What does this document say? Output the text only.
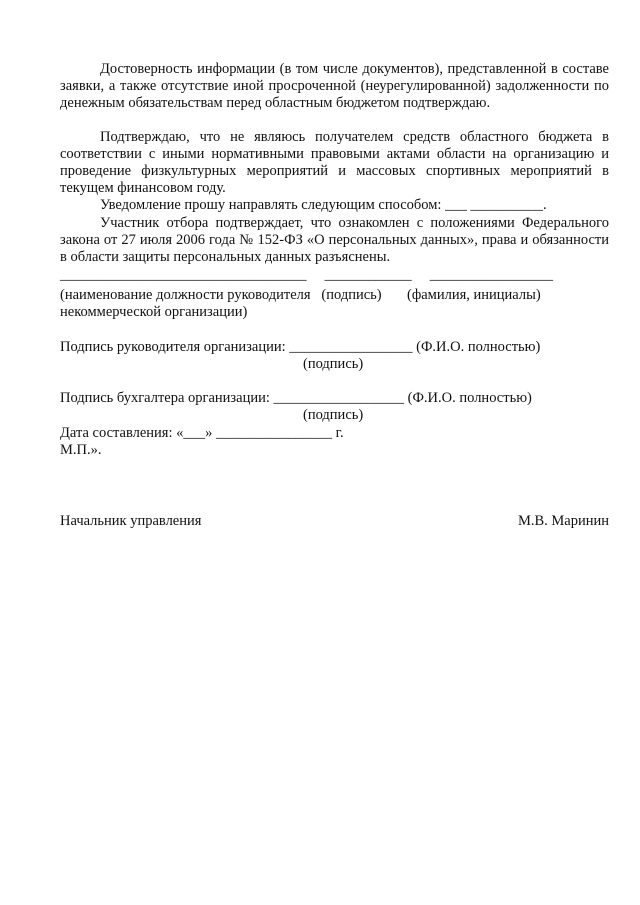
Достоверность информации (в том числе документов), представленной в составе заявки, а также отсутствие иной просроченной (неурегулированной) задолженности по денежным обязательствам перед областным бюджетом подтверждаю.

Подтверждаю, что не являюсь получателем средств областного бюджета в соответствии с иными нормативными правовыми актами области на организацию и проведение физкультурных мероприятий и массовых спортивных мероприятий в текущем финансовом году.

Уведомление прошу направлять следующим способом: ___ __________.

Участник отбора подтверждает, что ознакомлен с положениями Федерального закона от 27 июля 2006 года № 152-ФЗ «О персональных данных», права и обязанности в области защиты персональных данных разъяснены.

__________________________________     ____________     _________________
(наименование должности руководителя   (подпись)       (фамилия, инициалы)
некоммерческой организации)
Подпись руководителя организации: _________________ (Ф.И.О. полностью)
(подпись)
Подпись бухгалтера организации: __________________ (Ф.И.О. полностью)
(подпись)
Дата составления: «___» ________________ г.
М.П.».
Начальник управления	М.В. Маринин
